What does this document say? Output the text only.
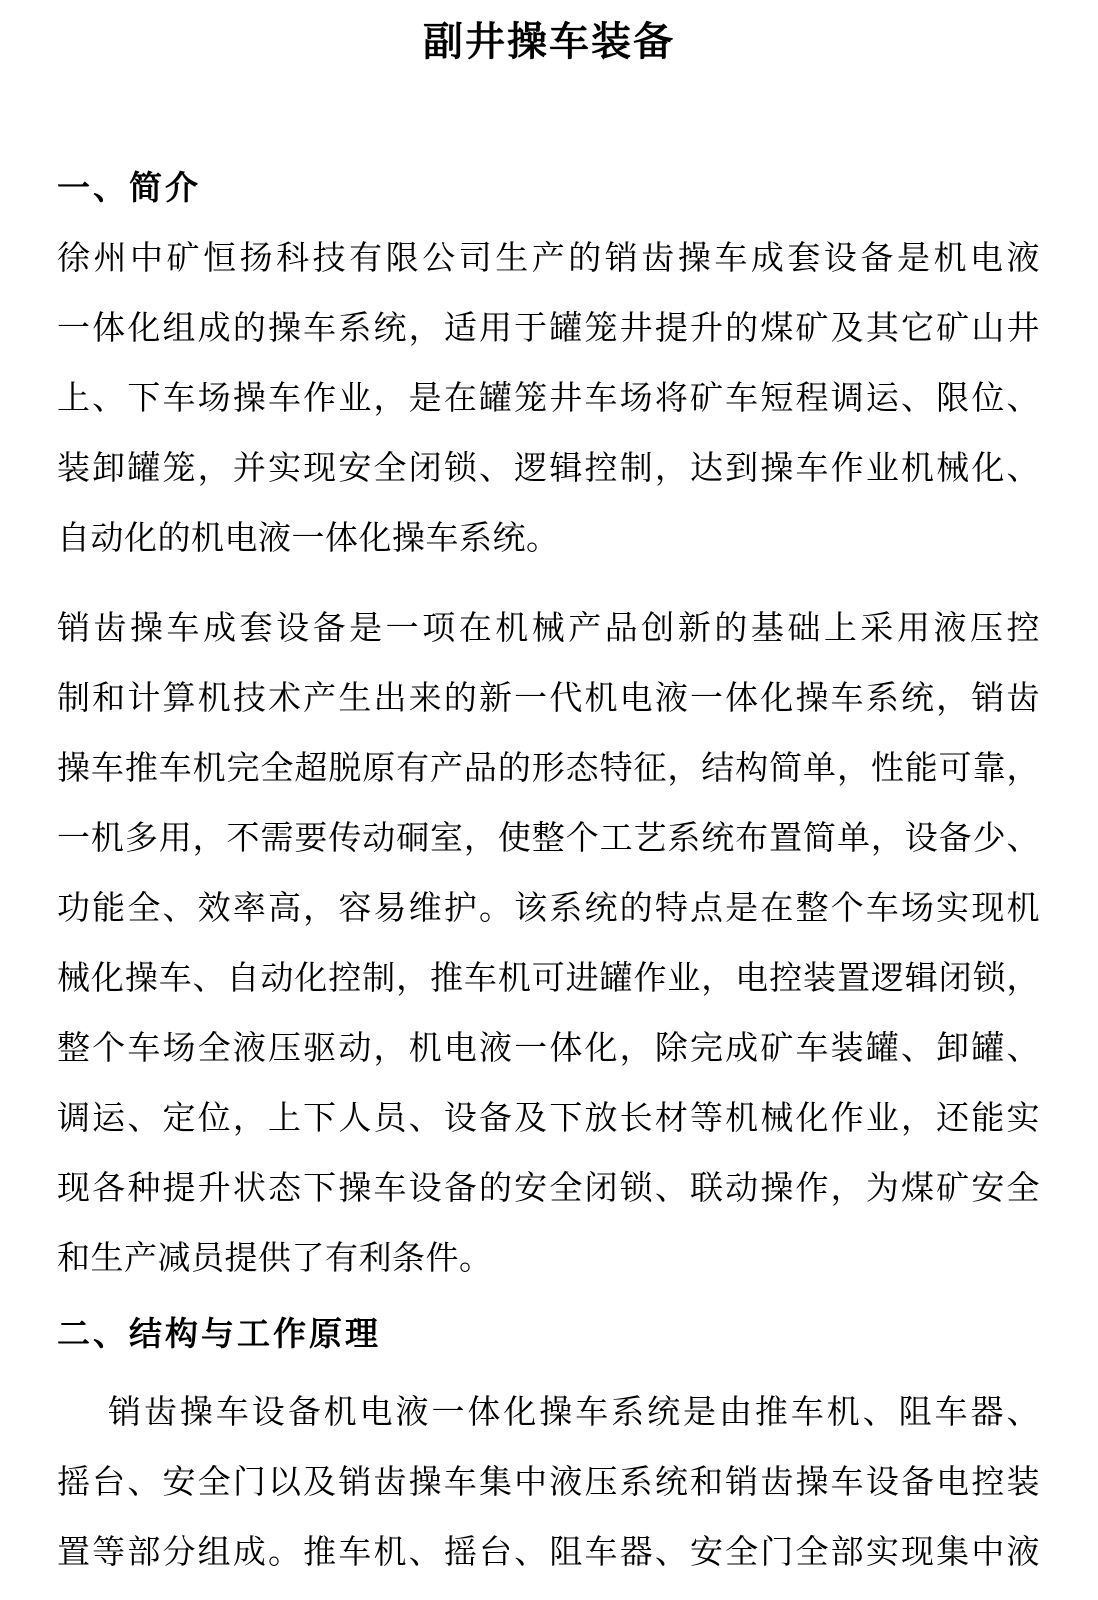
副井操车装备
一、简介
徐州中矿恒扬科技有限公司生产的销齿操车成套设备是机电液
一体化组成的操车系统，适用于罐笼井提升的煤矿及其它矿山井
上、下车场操车作业，是在罐笼井车场将矿车短程调运、限位、
装卸罐笼，并实现安全闭锁、逻辑控制，达到操车作业机械化、
自动化的机电液一体化操车系统。
销齿操车成套设备是一项在机械产品创新的基础上采用液压控
制和计算机技术产生出来的新一代机电液一体化操车系统，销齿
操车推车机完全超脱原有产品的形态特征，结构简单，性能可靠，
一机多用，不需要传动硐室，使整个工艺系统布置简单，设备少、
功能全、效率高，容易维护。该系统的特点是在整个车场实现机
械化操车、自动化控制，推车机可进罐作业，电控装置逻辑闭锁，
整个车场全液压驱动，机电液一体化，除完成矿车装罐、卸罐、
调运、定位，上下人员、设备及下放长材等机械化作业，还能实
现各种提升状态下操车设备的安全闭锁、联动操作，为煤矿安全
和生产减员提供了有利条件。
二、结构与工作原理
销齿操车设备机电液一体化操车系统是由推车机、阻车器、
摇台、安全门以及销齿操车集中液压系统和销齿操车设备电控装
置等部分组成。推车机、摇台、阻车器、安全门全部实现集中液
